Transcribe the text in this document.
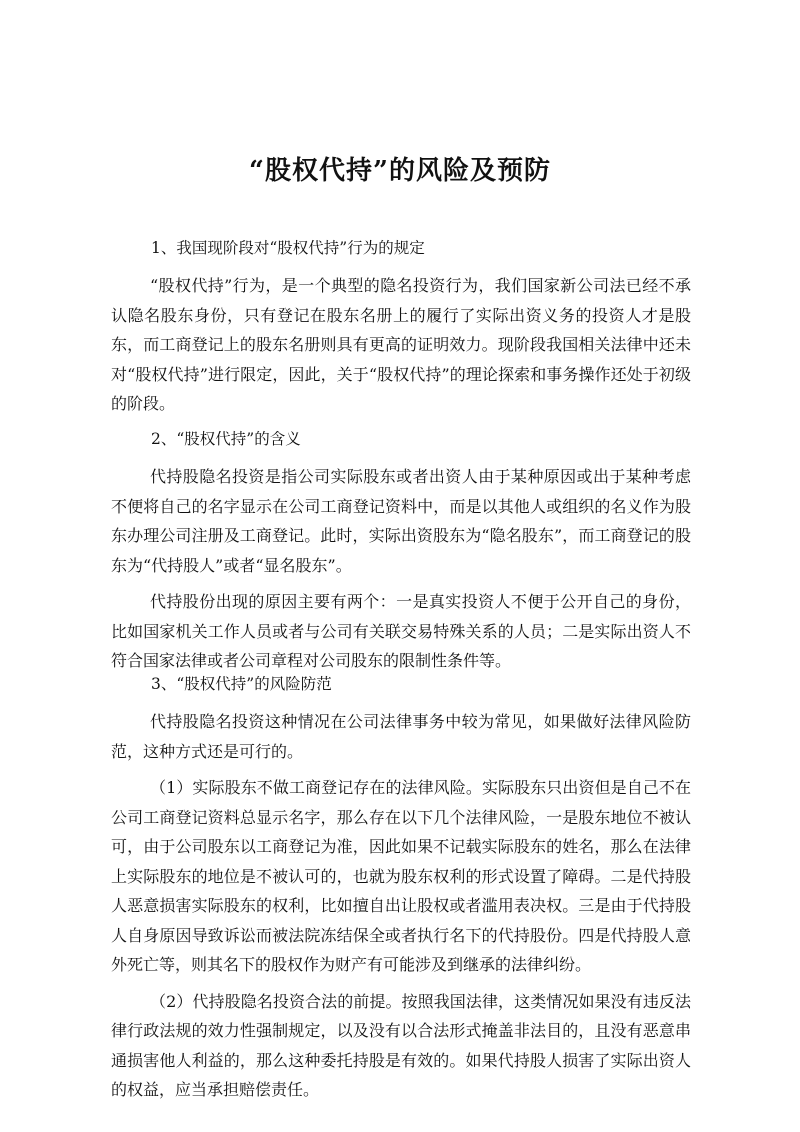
“股权代持”的风险及预防

1、我国现阶段对“股权代持”行为的规定

“股权代持”行为，是一个典型的隐名投资行为，我们国家新公司法已经不承认隐名股东身份，只有登记在股东名册上的履行了实际出资义务的投资人才是股东，而工商登记上的股东名册则具有更高的证明效力。现阶段我国相关法律中还未对“股权代持”进行限定，因此，关于“股权代持”的理论探索和事务操作还处于初级的阶段。

2、“股权代持”的含义

代持股隐名投资是指公司实际股东或者出资人由于某种原因或出于某种考虑不便将自己的名字显示在公司工商登记资料中，而是以其他人或组织的名义作为股东办理公司注册及工商登记。此时，实际出资股东为“隐名股东”，而工商登记的股东为“代持股人”或者“显名股东”。

代持股份出现的原因主要有两个：一是真实投资人不便于公开自己的身份，比如国家机关工作人员或者与公司有关联交易特殊关系的人员；二是实际出资人不符合国家法律或者公司章程对公司股东的限制性条件等。

3、“股权代持”的风险防范

代持股隐名投资这种情况在公司法律事务中较为常见，如果做好法律风险防范，这种方式还是可行的。

（1）实际股东不做工商登记存在的法律风险。实际股东只出资但是自己不在公司工商登记资料总显示名字，那么存在以下几个法律风险，一是股东地位不被认可，由于公司股东以工商登记为准，因此如果不记载实际股东的姓名，那么在法律上实际股东的地位是不被认可的，也就为股东权利的形式设置了障碍。二是代持股人恶意损害实际股东的权利，比如擅自出让股权或者滥用表决权。三是由于代持股人自身原因导致诉讼而被法院冻结保全或者执行名下的代持股份。四是代持股人意外死亡等，则其名下的股权作为财产有可能涉及到继承的法律纠纷。

（2）代持股隐名投资合法的前提。按照我国法律，这类情况如果没有违反法律行政法规的效力性强制规定，以及没有以合法形式掩盖非法目的，且没有恶意串通损害他人利益的，那么这种委托持股是有效的。如果代持股人损害了实际出资人的权益，应当承担赔偿责任。
